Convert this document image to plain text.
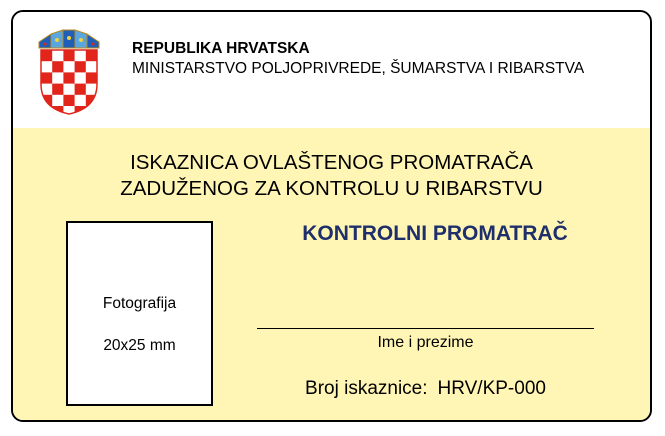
REPUBLIKA HRVATSKA
MINISTARSTVO POLJOPRIVREDE, ŠUMARSTVA I RIBARSTVA
ISKAZNICA OVLAŠTENOG PROMATRAČA
ZADUŽENOG ZA KONTROLU U RIBARSTVU
Fotografija
20x25 mm
KONTROLNI PROMATRAČ
Ime i prezime
Broj iskaznice: HRV/KP-000
